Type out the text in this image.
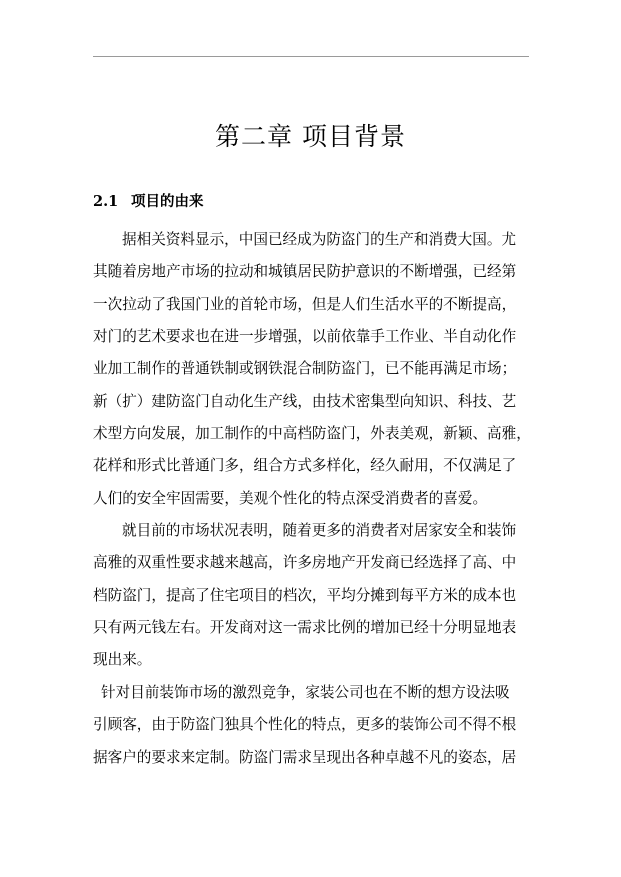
第二章 项目背景
2.1 项目的由来
据相关资料显示，中国已经成为防盗门的生产和消费大国。尤
其随着房地产市场的拉动和城镇居民防护意识的不断增强，已经第
一次拉动了我国门业的首轮市场，但是人们生活水平的不断提高，
对门的艺术要求也在进一步增强，以前依靠手工作业、半自动化作
业加工制作的普通铁制或钢铁混合制防盗门，已不能再满足市场；
新（扩）建防盗门自动化生产线，由技术密集型向知识、科技、艺
术型方向发展，加工制作的中高档防盗门，外表美观，新颖、高雅，
花样和形式比普通门多，组合方式多样化，经久耐用，不仅满足了
人们的安全牢固需要，美观个性化的特点深受消费者的喜爱。
就目前的市场状况表明，随着更多的消费者对居家安全和装饰
高雅的双重性要求越来越高，许多房地产开发商已经选择了高、中
档防盗门，提高了住宅项目的档次，平均分摊到每平方米的成本也
只有两元钱左右。开发商对这一需求比例的增加已经十分明显地表
现出来。
针对目前装饰市场的激烈竞争，家装公司也在不断的想方设法吸
引顾客，由于防盗门独具个性化的特点，更多的装饰公司不得不根
据客户的要求来定制。防盗门需求呈现出各种卓越不凡的姿态，居
